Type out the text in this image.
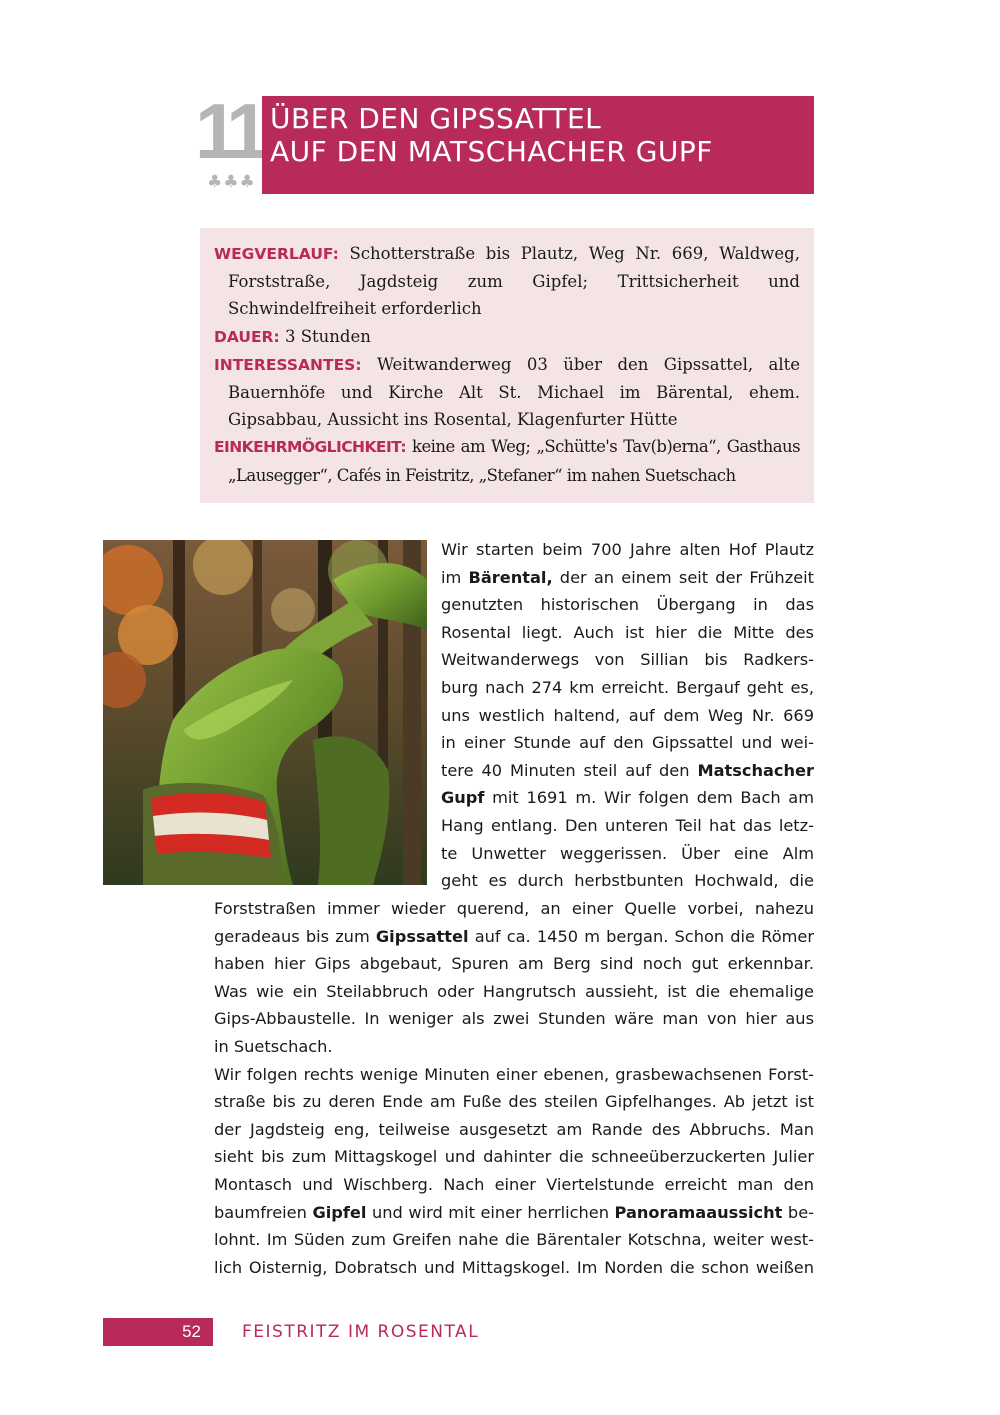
11
♣♣♣
ÜBER DEN GIPSSATTEL
AUF DEN MATSCHACHER GUPF

WEGVERLAUF: Schotterstraße bis Plautz, Weg Nr. 669, Waldweg, Forststraße, Jagdsteig zum Gipfel; Trittsicherheit und Schwindelfreiheit erforderlich

DAUER: 3 Stunden

INTERESSANTES: Weitwanderweg 03 über den Gipssattel, alte Bauernhöfe und Kirche Alt St. Michael im Bärental, ehem. Gipsabbau, Aussicht ins Rosental, Klagenfurter Hütte

EINKEHRMÖGLICHKEIT: keine am Weg; „Schütte's Tav(b)erna“, Gasthaus „Lausegger“, Cafés in Feistritz, „Stefaner“ im nahen Suetschach

Wir starten beim 700 Jahre alten Hof Plautz
im Bärental, der an einem seit der Frühzeit
genutzten historischen Übergang in das
Rosental liegt. Auch ist hier die Mitte des
Weitwanderwegs von Sillian bis Radkers-
burg nach 274 km erreicht. Bergauf geht es,
uns westlich haltend, auf dem Weg Nr. 669
in einer Stunde auf den Gipssattel und wei-
tere 40 Minuten steil auf den Matschacher
Gupf mit 1691 m. Wir folgen dem Bach am
Hang entlang. Den unteren Teil hat das letz-
te Unwetter weggerissen. Über eine Alm
geht es durch herbstbunten Hochwald, die
Forststraßen immer wieder querend, an einer Quelle vorbei, nahezu
geradeaus bis zum Gipssattel auf ca. 1450 m bergan. Schon die Römer
haben hier Gips abgebaut, Spuren am Berg sind noch gut erkennbar.
Was wie ein Steilabbruch oder Hangrutsch aussieht, ist die ehemalige
Gips-Abbaustelle. In weniger als zwei Stunden wäre man von hier aus
in Suetschach.
Wir folgen rechts wenige Minuten einer ebenen, grasbewachsenen Forst-
straße bis zu deren Ende am Fuße des steilen Gipfelhanges. Ab jetzt ist
der Jagdsteig eng, teilweise ausgesetzt am Rande des Abbruchs. Man
sieht bis zum Mittagskogel und dahinter die schneeüberzuckerten Julier
Montasch und Wischberg. Nach einer Viertelstunde erreicht man den
baumfreien Gipfel und wird mit einer herrlichen Panoramaaussicht be-
lohnt. Im Süden zum Greifen nahe die Bärentaler Kotschna, weiter west-
lich Oisternig, Dobratsch und Mittagskogel. Im Norden die schon weißen
52 FEISTRITZ IM ROSENTAL
